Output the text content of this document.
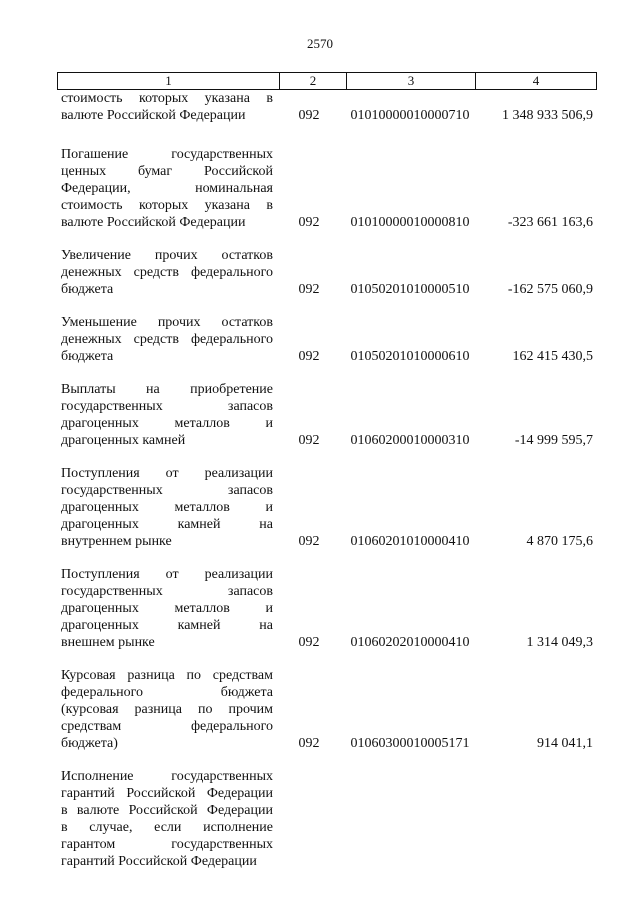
2570
1	2	3	4
стоимость которых указана в
валюте Российской Федерации	092	01010000010000710	1 348 933 506,9
Погашение государственных
ценных бумаг Российской
Федерации, номинальная
стоимость которых указана в
валюте Российской Федерации	092	01010000010000810	-323 661 163,6
Увеличение прочих остатков
денежных средств федерального
бюджета	092	01050201010000510	-162 575 060,9
Уменьшение прочих остатков
денежных средств федерального
бюджета	092	01050201010000610	162 415 430,5
Выплаты на приобретение
государственных запасов
драгоценных металлов и
драгоценных камней	092	01060200010000310	-14 999 595,7
Поступления от реализации
государственных запасов
драгоценных металлов и
драгоценных камней на
внутреннем рынке	092	01060201010000410	4 870 175,6
Поступления от реализации
государственных запасов
драгоценных металлов и
драгоценных камней на
внешнем рынке	092	01060202010000410	1 314 049,3
Курсовая разница по средствам
федерального бюджета
(курсовая разница по прочим
средствам федерального
бюджета)	092	01060300010005171	914 041,1
Исполнение государственных
гарантий Российской Федерации
в валюте Российской Федерации
в случае, если исполнение
гарантом государственных
гарантий Российской Федерации
